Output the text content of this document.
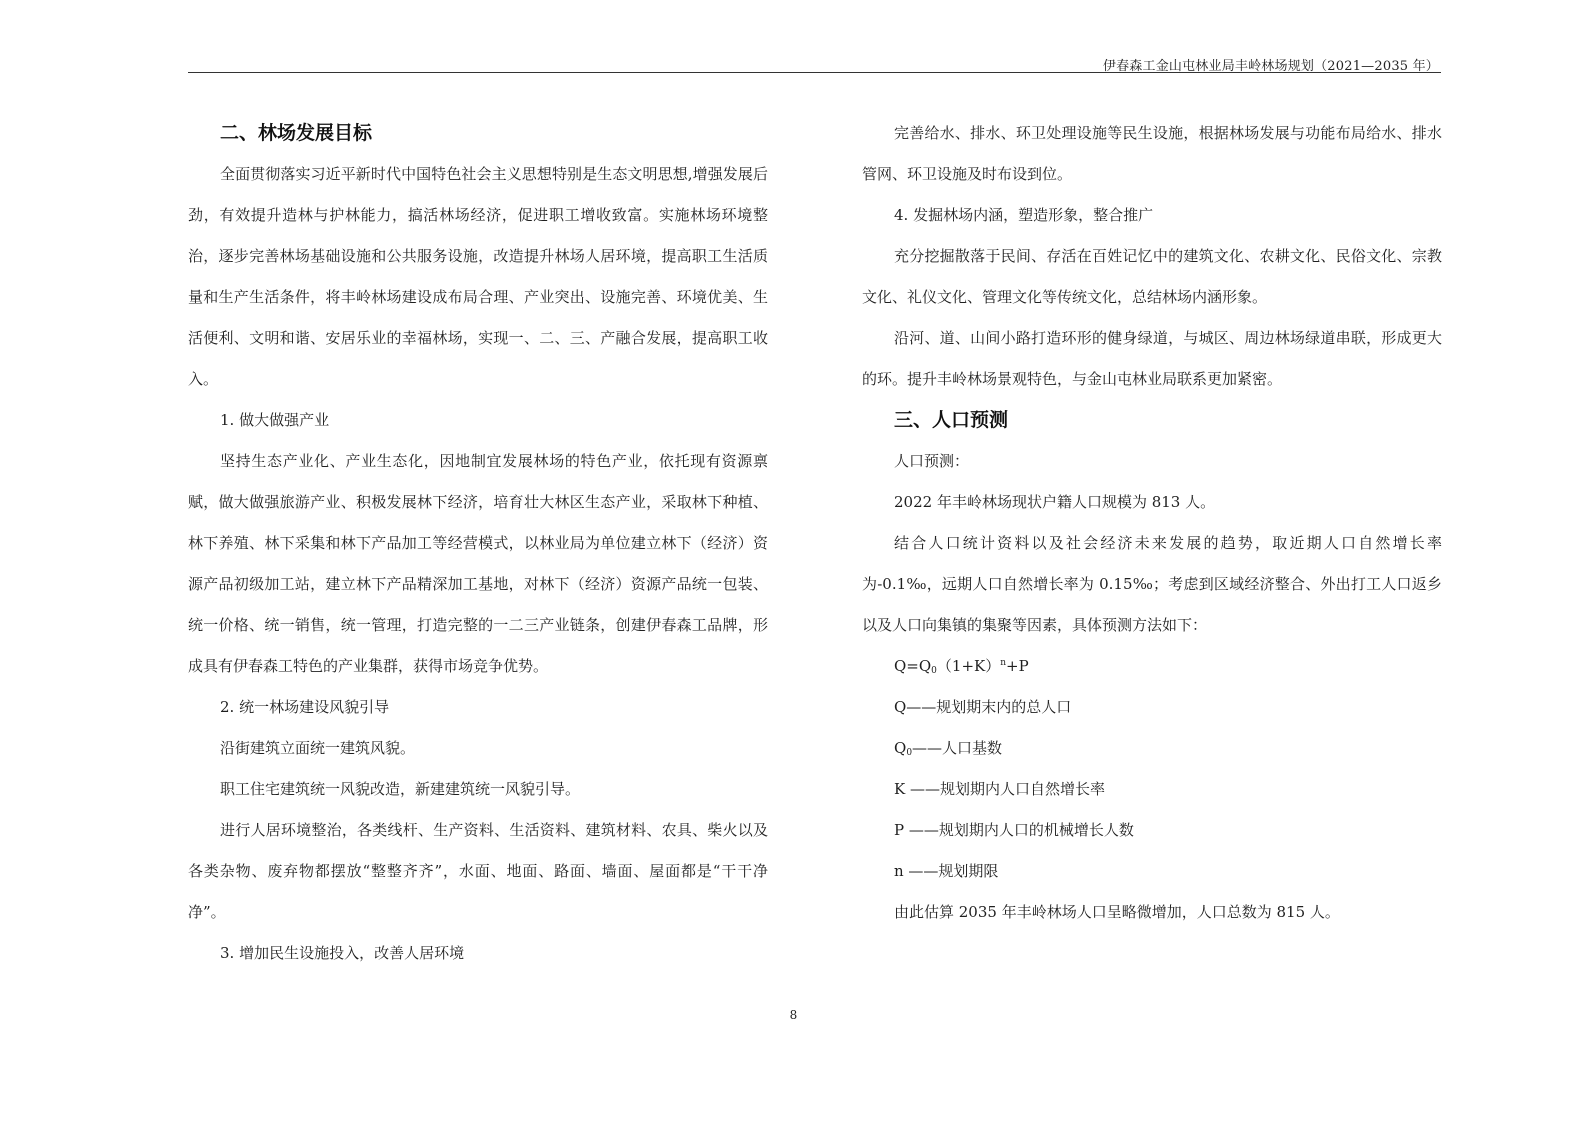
伊春森工金山屯林业局丰岭林场规划（2021—2035 年）
二、林场发展目标

全面贯彻落实习近平新时代中国特色社会主义思想特别是生态文明思想,增强发展后劲，有效提升造林与护林能力，搞活林场经济，促进职工增收致富。实施林场环境整治，逐步完善林场基础设施和公共服务设施，改造提升林场人居环境，提高职工生活质量和生产生活条件，将丰岭林场建设成布局合理、产业突出、设施完善、环境优美、生活便利、文明和谐、安居乐业的幸福林场，实现一、二、三、产融合发展，提高职工收入。

1. 做大做强产业

坚持生态产业化、产业生态化，因地制宜发展林场的特色产业，依托现有资源禀赋，做大做强旅游产业、积极发展林下经济，培育壮大林区生态产业，采取林下种植、林下养殖、林下采集和林下产品加工等经营模式，以林业局为单位建立林下（经济）资源产品初级加工站，建立林下产品精深加工基地，对林下（经济）资源产品统一包装、统一价格、统一销售，统一管理，打造完整的一二三产业链条，创建伊春森工品牌，形成具有伊春森工特色的产业集群，获得市场竞争优势。

2. 统一林场建设风貌引导

沿街建筑立面统一建筑风貌。

职工住宅建筑统一风貌改造，新建建筑统一风貌引导。

进行人居环境整治，各类线杆、生产资料、生活资料、建筑材料、农具、柴火以及各类杂物、废弃物都摆放“整整齐齐”，水面、地面、路面、墙面、屋面都是“干干净净”。

3. 增加民生设施投入，改善人居环境

完善给水、排水、环卫处理设施等民生设施，根据林场发展与功能布局给水、排水管网、环卫设施及时布设到位。

4. 发掘林场内涵，塑造形象，整合推广

充分挖掘散落于民间、存活在百姓记忆中的建筑文化、农耕文化、民俗文化、宗教文化、礼仪文化、管理文化等传统文化，总结林场内涵形象。

沿河、道、山间小路打造环形的健身绿道，与城区、周边林场绿道串联，形成更大的环。提升丰岭林场景观特色，与金山屯林业局联系更加紧密。

三、人口预测

人口预测：

2022 年丰岭林场现状户籍人口规模为 813 人。

结合人口统计资料以及社会经济未来发展的趋势，取近期人口自然增长率为-0.1‰，远期人口自然增长率为 0.15‰；考虑到区域经济整合、外出打工人口返乡以及人口向集镇的集聚等因素，具体预测方法如下：

$Q=Q_0(1+K)^n+P$

Q——规划期末内的总人口

$Q_0——$人口基数

K ——规划期内人口自然增长率

P ——规划期内人口的机械增长人数

n ——规划期限

由此估算 2035 年丰岭林场人口呈略微增加，人口总数为 815 人。

8
